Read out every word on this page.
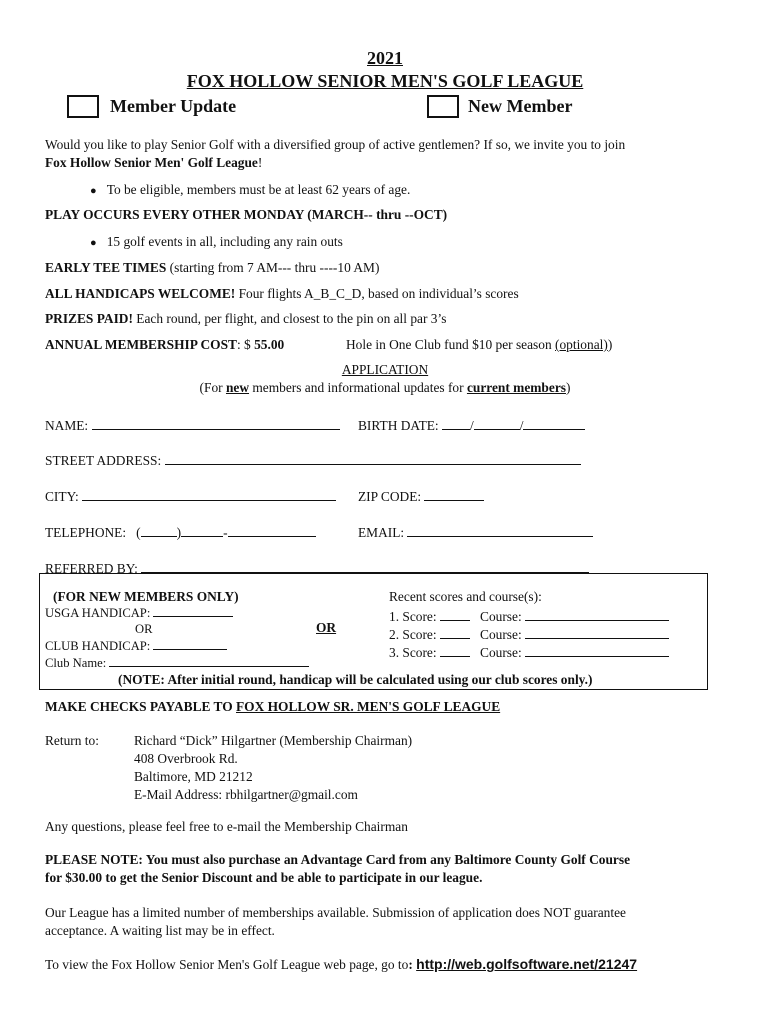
2021
FOX HOLLOW SENIOR MEN'S GOLF LEAGUE
Member Update	New Member
Would you like to play Senior Golf with a diversified group of active gentlemen? If so, we invite you to join
Fox Hollow Senior Men' Golf League!
● To be eligible, members must be at least 62 years of age.
PLAY OCCURS EVERY OTHER MONDAY (MARCH-- thru --OCT)
● 15 golf events in all, including any rain outs
EARLY TEE TIMES (starting from 7 AM--- thru ----10 AM)
ALL HANDICAPS WELCOME! Four flights A_B_C_D, based on individual’s scores
PRIZES PAID! Each round, per flight, and closest to the pin on all par 3’s
ANNUAL MEMBERSHIP COST: $ 55.00	Hole in One Club fund $10 per season (optional))
APPLICATION
(For new members and informational updates for current members)
NAME:	BIRTH DATE: /	/
STREET ADDRESS:
CITY:	ZIP CODE:
TELEPHONE: (	)	-	EMAIL:
REFERRED BY:
(FOR NEW MEMBERS ONLY)
USGA HANDICAP:
OR
CLUB HANDICAP:
Club Name:
OR
Recent scores and course(s):
1. Score:	Course:
2. Score:	Course:
3. Score:	Course:
(NOTE: After initial round, handicap will be calculated using our club scores only.)
MAKE CHECKS PAYABLE TO FOX HOLLOW SR. MEN'S GOLF LEAGUE
Return to:	Richard “Dick” Hilgartner (Membership Chairman)
408 Overbrook Rd.
Baltimore, MD 21212
E-Mail Address: rbhilgartner@gmail.com
Any questions, please feel free to e-mail the Membership Chairman
PLEASE NOTE: You must also purchase an Advantage Card from any Baltimore County Golf Course
for $30.00 to get the Senior Discount and be able to participate in our league.
Our League has a limited number of memberships available. Submission of application does NOT guarantee
acceptance. A waiting list may be in effect.
To view the Fox Hollow Senior Men's Golf League web page, go to: http://web.golfsoftware.net/21247
